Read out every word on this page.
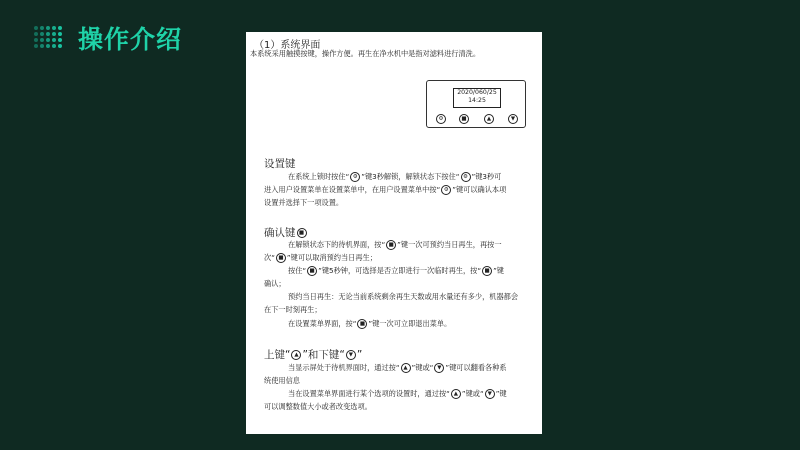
操作介绍	（1）系统界面
本系统采用触摸按键，操作方便。再生在净水机中是指对滤料进行清洗。
2020/060/25
14:25
⚙	■	▲	▼
设置键
在系统上锁时按住“ ⚙ ”键3秒解锁，解锁状态下按住“ ⚙ ”键3秒可
进入用户设置菜单在设置菜单中，在用户设置菜单中按“ ⚙ ”键可以确认本项
设置并选择下一项设置。
确认键 ■
在解锁状态下的待机界面，按“ ■ ”键一次可预约当日再生，再按一
次“ ■ ”键可以取消预约当日再生；
按住“ ■ ”键5秒钟，可选择是否立即进行一次临时再生，按“ ■ ”键
确认；
预约当日再生：无论当前系统剩余再生天数或用水量还有多少，机器都会
在下一时刻再生；
在设置菜单界面，按“ ■ ”键一次可立即退出菜单。
上键“ ▲ ”和下键“ ▼ ”
当显示屏处于待机界面时，通过按“ ▲ ”键或“ ▼ ”键可以翻看各种系
统使用信息
当在设置菜单界面进行某个选项的设置时，通过按“ ▲ ”键或“ ▼ ”键
可以调整数值大小或者改变选项。
